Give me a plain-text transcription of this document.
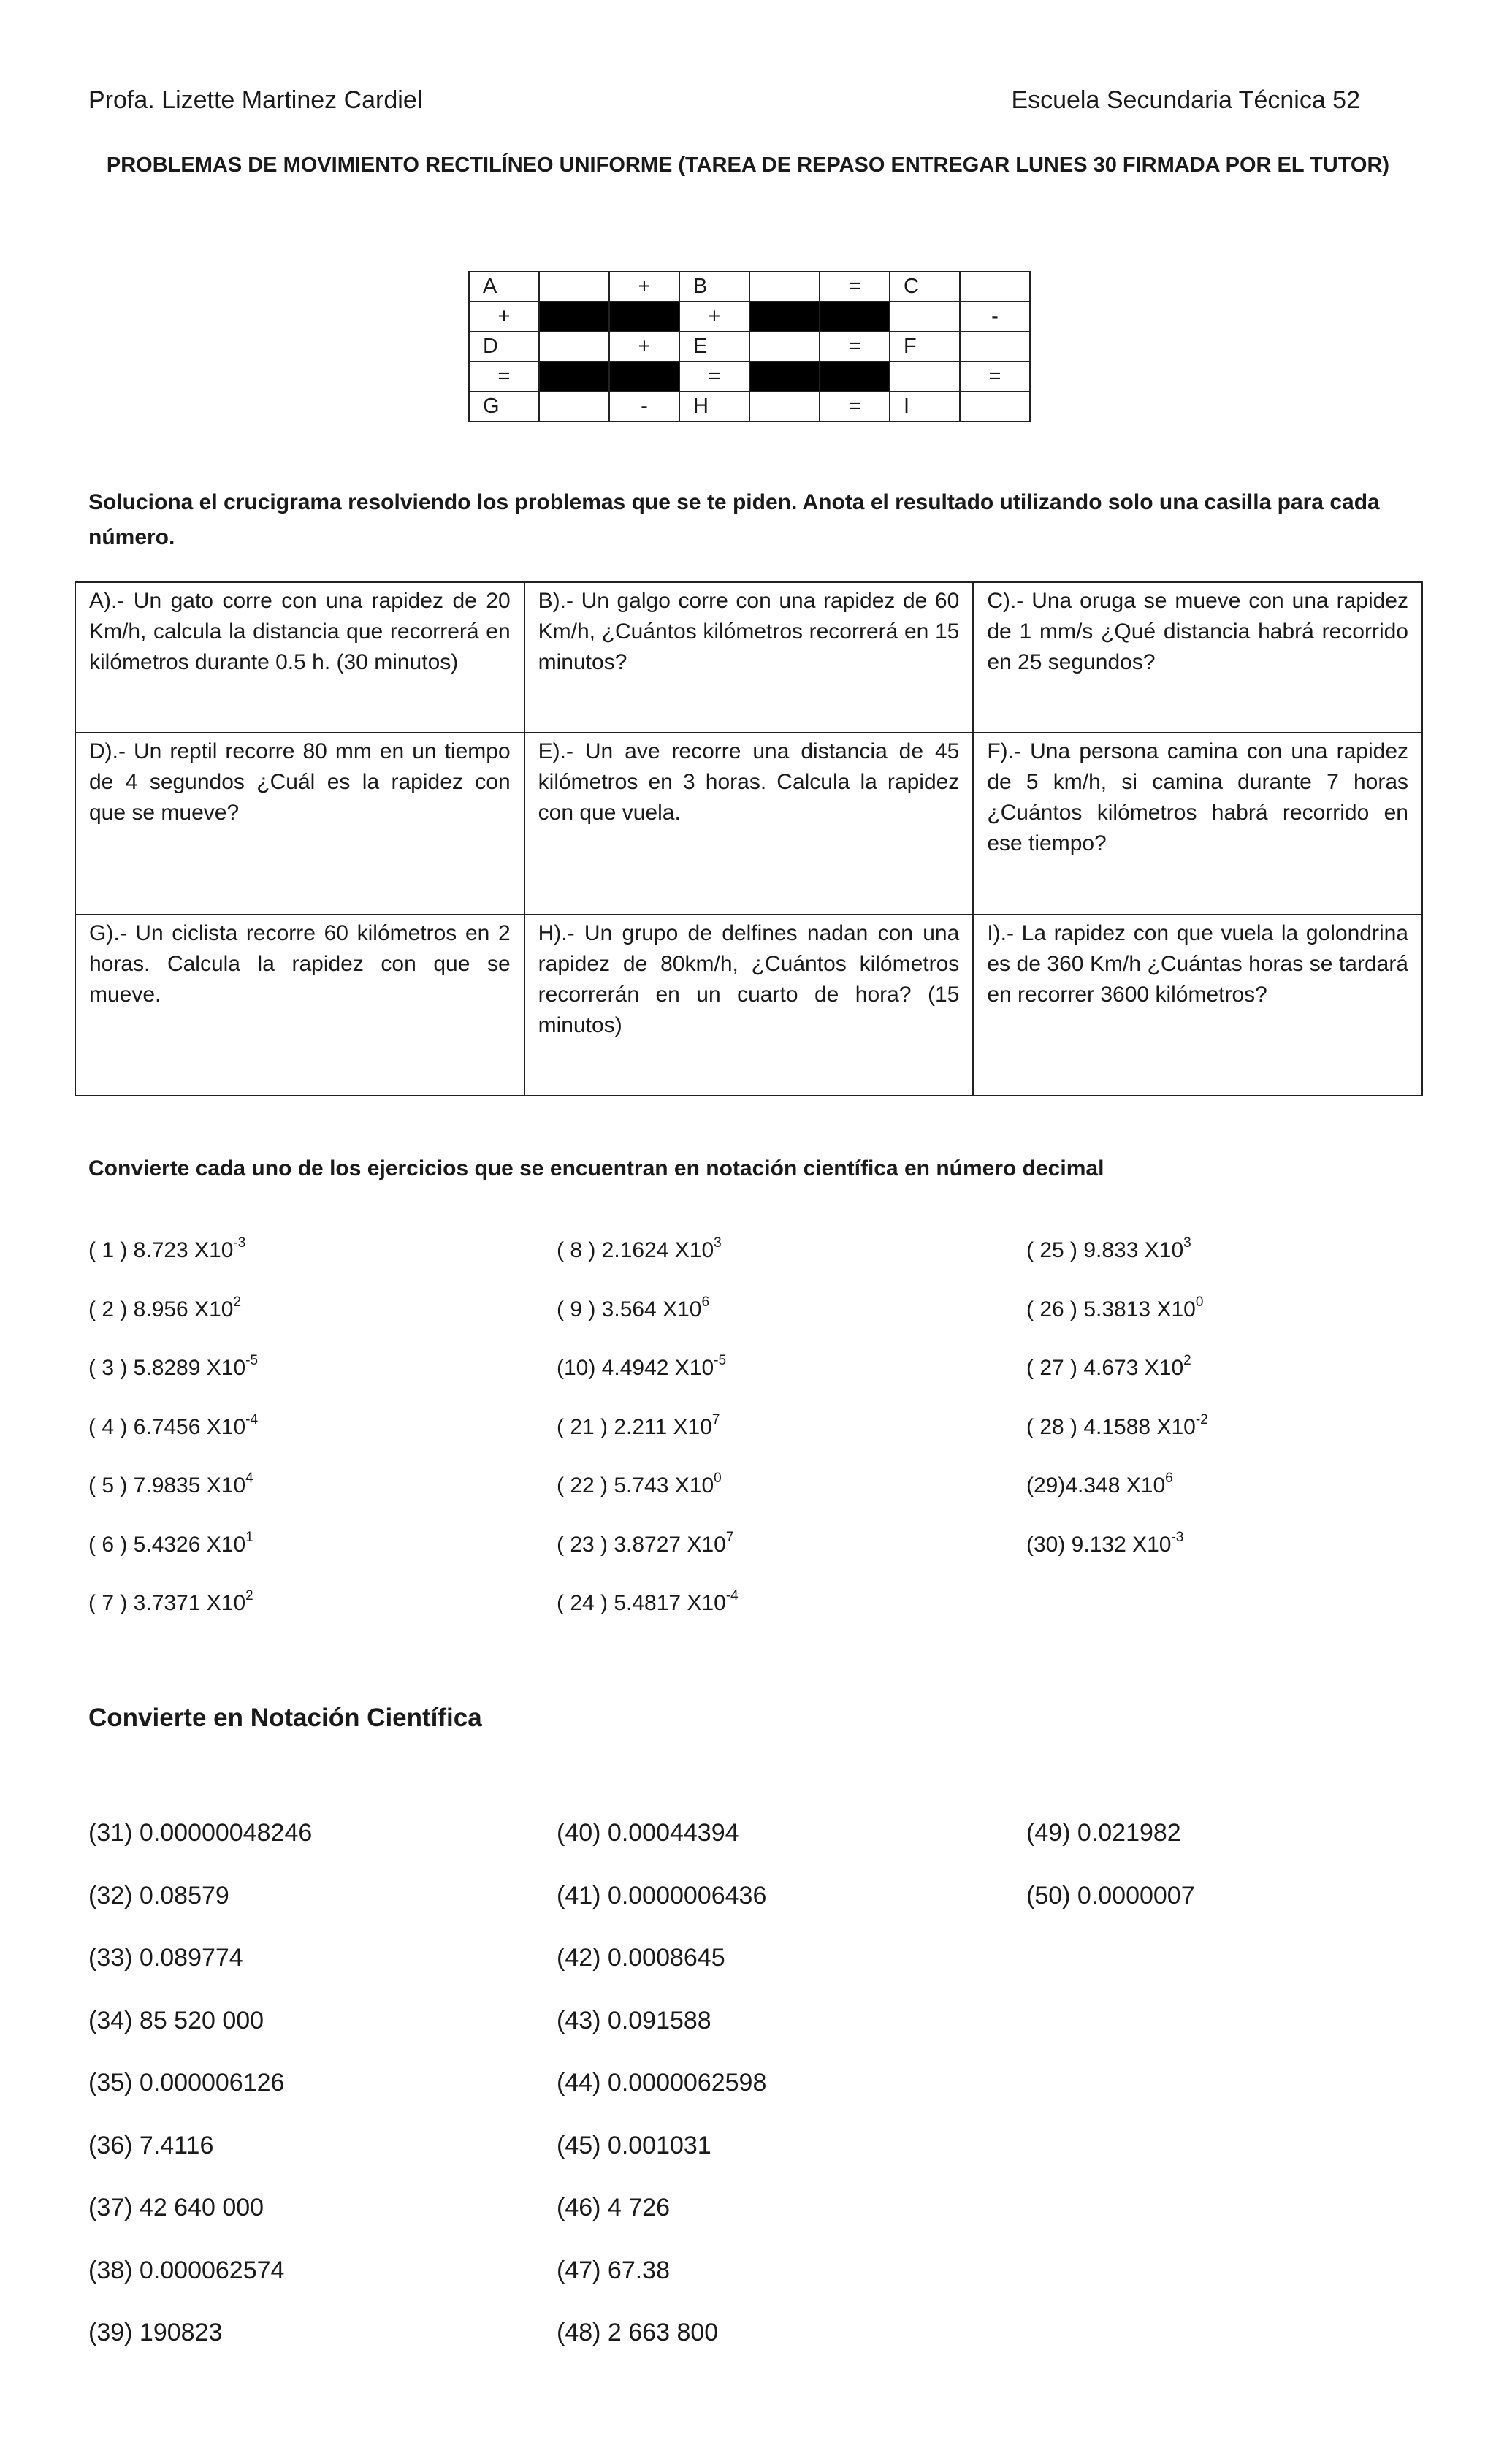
Profa. Lizette Martinez Cardiel	Escuela Secundaria Técnica 52
PROBLEMAS DE MOVIMIENTO RECTILÍNEO UNIFORME (TAREA DE REPASO ENTREGAR LUNES 30 FIRMADA POR EL TUTOR)
A		+	B		=	C	
+			+				-
D		+	E		=	F	
=			=				=
G		-	H		=	I	
Soluciona el crucigrama resolviendo los problemas que se te piden. Anota el resultado utilizando solo una casilla para cada número.
A).- Un gato corre con una rapidez de 20 Km/h, calcula la distancia que recorrerá en kilómetros durante 0.5 h. (30 minutos)	B).- Un galgo corre con una rapidez de 60 Km/h, ¿Cuántos kilómetros recorrerá en 15 minutos?	C).- Una oruga se mueve con una rapidez de 1 mm/s ¿Qué distancia habrá recorrido en 25 segundos?
D).- Un reptil recorre 80 mm en un tiempo de 4 segundos ¿Cuál es la rapidez con que se mueve?	E).- Un ave recorre una distancia de 45 kilómetros en 3 horas. Calcula la rapidez con que vuela.	F).- Una persona camina con una rapidez de 5 km/h, si camina durante 7 horas ¿Cuántos kilómetros habrá recorrido en ese tiempo?
G).- Un ciclista recorre 60 kilómetros en 2 horas. Calcula la rapidez con que se mueve.	H).- Un grupo de delfines nadan con una rapidez de 80km/h, ¿Cuántos kilómetros recorrerán en un cuarto de hora? (15 minutos)	I).- La rapidez con que vuela la golondrina es de 360 Km/h ¿Cuántas horas se tardará en recorrer 3600 kilómetros?
Convierte cada uno de los ejercicios que se encuentran en notación científica en número decimal
( 1 ) 8.723 $X10^{-3}$
( 2 ) 8.956 $X10^2$
( 3 ) 5.8289 $X10^{-5}$
( 4 ) 6.7456 $X10^{-4}$
( 5 ) 7.9835 $X10^4$
( 6 ) 5.4326 $X10^1$
( 7 ) 3.7371 $X10^2$
( 8 ) 2.1624 $X10^3$
( 9 ) 3.564 $X10^6$
(10) 4.4942 $X10^{-5}$
( 21 ) 2.211 $X10^7$
( 22 ) 5.743 $X10^0$
( 23 ) 3.8727 $X10^7$
( 24 ) 5.4817 $X10^{-4}$
( 25 ) 9.833 $X10^3$
( 26 ) 5.3813 $X10^0$
( 27 ) 4.673 $X10^2$
( 28 ) 4.1588 $X10^{-2}$
(29)4.348 $X10^6$
(30) 9.132 $X10^{-3}$
Convierte en Notación Científica
(31) 0.00000048246
(32) 0.08579
(33) 0.089774
(34) 85 520 000
(35) 0.000006126
(36) 7.4116
(37) 42 640 000
(38) 0.000062574
(39) 190823
(40) 0.00044394
(41) 0.0000006436
(42) 0.0008645
(43) 0.091588
(44) 0.0000062598
(45) 0.001031
(46) 4 726
(47) 67.38
(48) 2 663 800
(49) 0.021982
(50) 0.0000007
